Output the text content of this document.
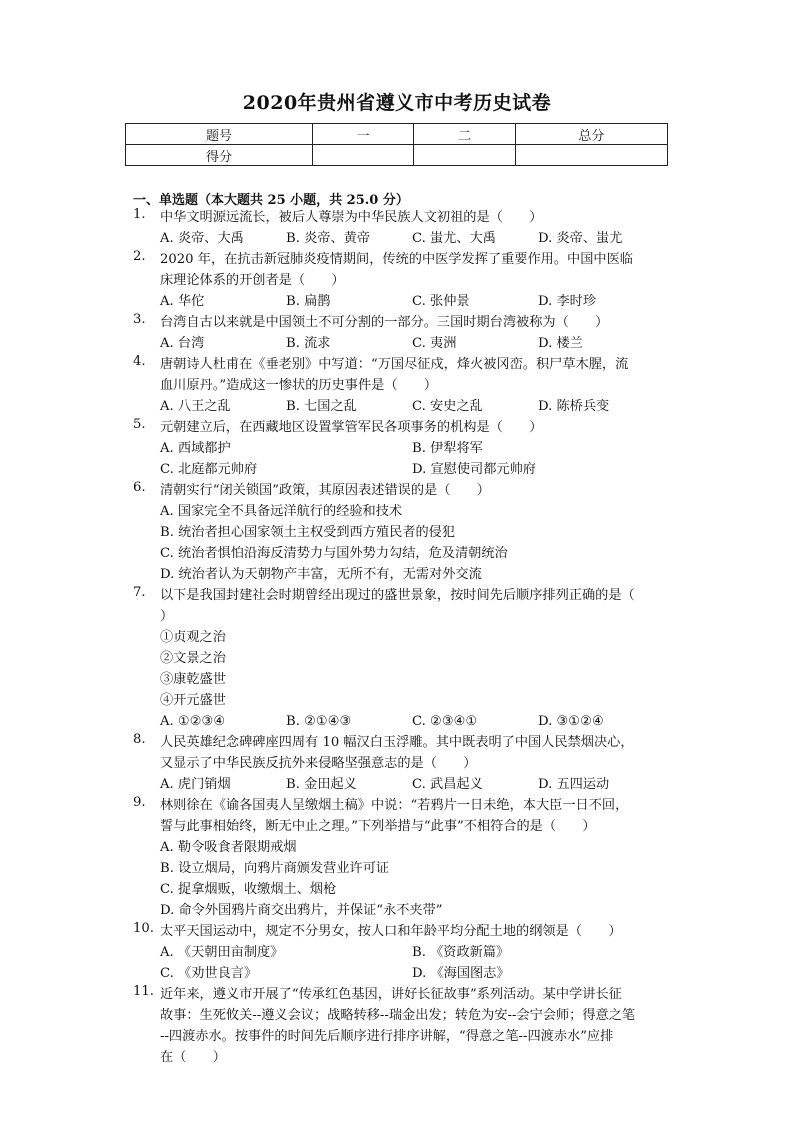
2020年贵州省遵义市中考历史试卷
题号	一	二	总分
得分			
一、单选题（本大题共 25 小题，共 25.0 分）
1. 中华文明源远流长，被后人尊崇为中华民族人文初祖的是（　　）
A. 炎帝、大禹	B. 炎帝、黄帝	C. 蚩尤、大禹	D. 炎帝、蚩尤
2. 2020 年，在抗击新冠肺炎疫情期间，传统的中医学发挥了重要作用。中国中医临
床理论体系的开创者是（　　）
A. 华佗	B. 扁鹊	C. 张仲景	D. 李时珍
3. 台湾自古以来就是中国领土不可分割的一部分。三国时期台湾被称为（　　）
A. 台湾	B. 流求	C. 夷洲	D. 楼兰
4. 唐朝诗人杜甫在《垂老别》中写道：“万国尽征戍，烽火被冈峦。积尸草木腥，流
血川原丹。”造成这一惨状的历史事件是（　　）
A. 八王之乱	B. 七国之乱	C. 安史之乱	D. 陈桥兵变
5. 元朝建立后，在西藏地区设置掌管军民各项事务的机构是（　　）
A. 西域都护	B. 伊犁将军
C. 北庭都元帅府	D. 宣慰使司都元帅府
6. 清朝实行“闭关锁国”政策，其原因表述错误的是（　　）
A. 国家完全不具备远洋航行的经验和技术
B. 统治者担心国家领土主权受到西方殖民者的侵犯
C. 统治者惧怕沿海反清势力与国外势力勾结，危及清朝统治
D. 统治者认为天朝物产丰富，无所不有，无需对外交流
7. 以下是我国封建社会时期曾经出现过的盛世景象，按时间先后顺序排列正确的是（
）
①贞观之治
②文景之治
③康乾盛世
④开元盛世
A. ①②③④	B. ②①④③	C. ②③④①	D. ③①②④
8. 人民英雄纪念碑碑座四周有 10 幅汉白玉浮雕。其中既表明了中国人民禁烟决心，
又显示了中华民族反抗外来侵略坚强意志的是（　　）
A. 虎门销烟	B. 金田起义	C. 武昌起义	D. 五四运动
9. 林则徐在《谕各国夷人呈缴烟土稿》中说：“若鸦片一日未绝，本大臣一日不回，
誓与此事相始终，断无中止之理。”下列举措与“此事”不相符合的是（　　）
A. 勒令吸食者限期戒烟
B. 设立烟局，向鸦片商颁发营业许可证
C. 捉拿烟贩，收缴烟土、烟枪
D. 命令外国鸦片商交出鸦片，并保证“永不夹带”
10. 太平天国运动中，规定不分男女，按人口和年龄平均分配土地的纲领是（　　）
A. 《天朝田亩制度》	B. 《资政新篇》
C. 《劝世良言》	D. 《海国图志》
11. 近年来，遵义市开展了“传承红色基因，讲好长征故事”系列活动。某中学讲长征
故事：生死攸关--遵义会议；战略转移--瑞金出发；转危为安--会宁会师；得意之笔
--四渡赤水。按事件的时间先后顺序进行排序讲解，“得意之笔--四渡赤水”应排
在（　　）
